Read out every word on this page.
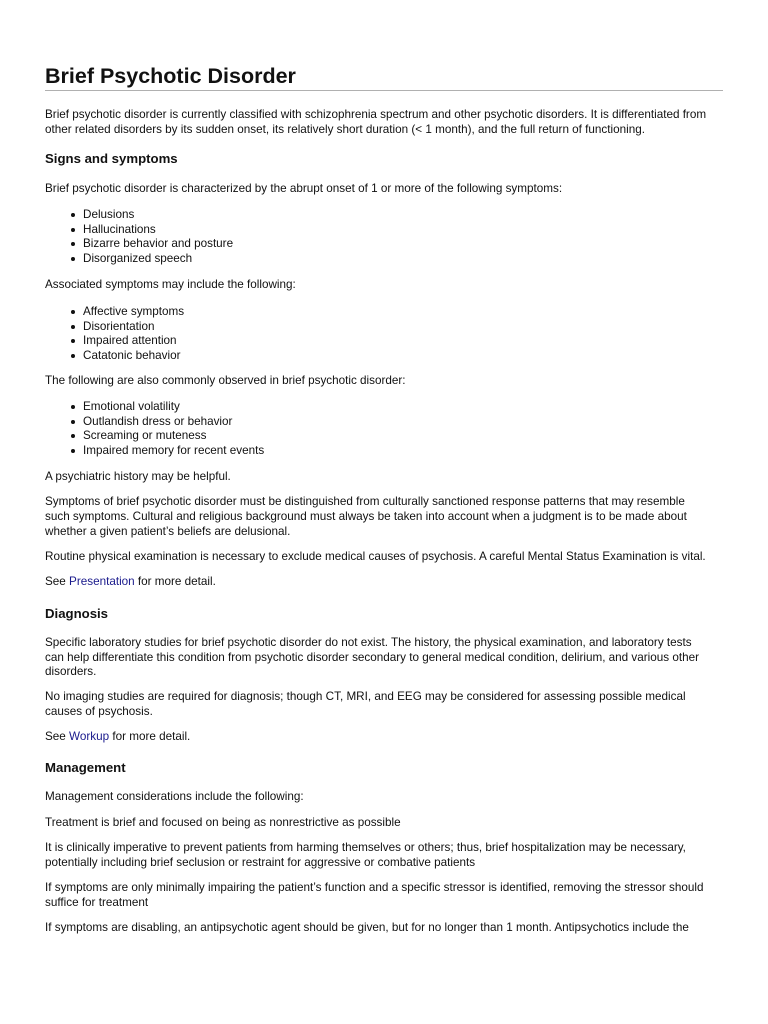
Brief Psychotic Disorder

Brief psychotic disorder is currently classified with schizophrenia spectrum and other psychotic disorders. It is differentiated from

other related disorders by its sudden onset, its relatively short duration (< 1 month), and the full return of functioning.

Signs and symptoms

Brief psychotic disorder is characterized by the abrupt onset of 1 or more of the following symptoms:

Delusions
Hallucinations
Bizarre behavior and posture
Disorganized speech

Associated symptoms may include the following:

Affective symptoms
Disorientation
Impaired attention
Catatonic behavior

The following are also commonly observed in brief psychotic disorder:

Emotional volatility
Outlandish dress or behavior
Screaming or muteness
Impaired memory for recent events

A psychiatric history may be helpful.

Symptoms of brief psychotic disorder must be distinguished from culturally sanctioned response patterns that may resemble

such symptoms. Cultural and religious background must always be taken into account when a judgment is to be made about

whether a given patient’s beliefs are delusional.

Routine physical examination is necessary to exclude medical causes of psychosis. A careful Mental Status Examination is vital.

See Presentation for more detail.

Diagnosis

Specific laboratory studies for brief psychotic disorder do not exist. The history, the physical examination, and laboratory tests

can help differentiate this condition from psychotic disorder secondary to general medical condition, delirium, and various other

disorders.

No imaging studies are required for diagnosis; though CT, MRI, and EEG may be considered for assessing possible medical

causes of psychosis.

See Workup for more detail.

Management

Management considerations include the following:

Treatment is brief and focused on being as nonrestrictive as possible

It is clinically imperative to prevent patients from harming themselves or others; thus, brief hospitalization may be necessary,

potentially including brief seclusion or restraint for aggressive or combative patients

If symptoms are only minimally impairing the patient’s function and a specific stressor is identified, removing the stressor should

suffice for treatment

If symptoms are disabling, an antipsychotic agent should be given, but for no longer than 1 month. Antipsychotics include the
